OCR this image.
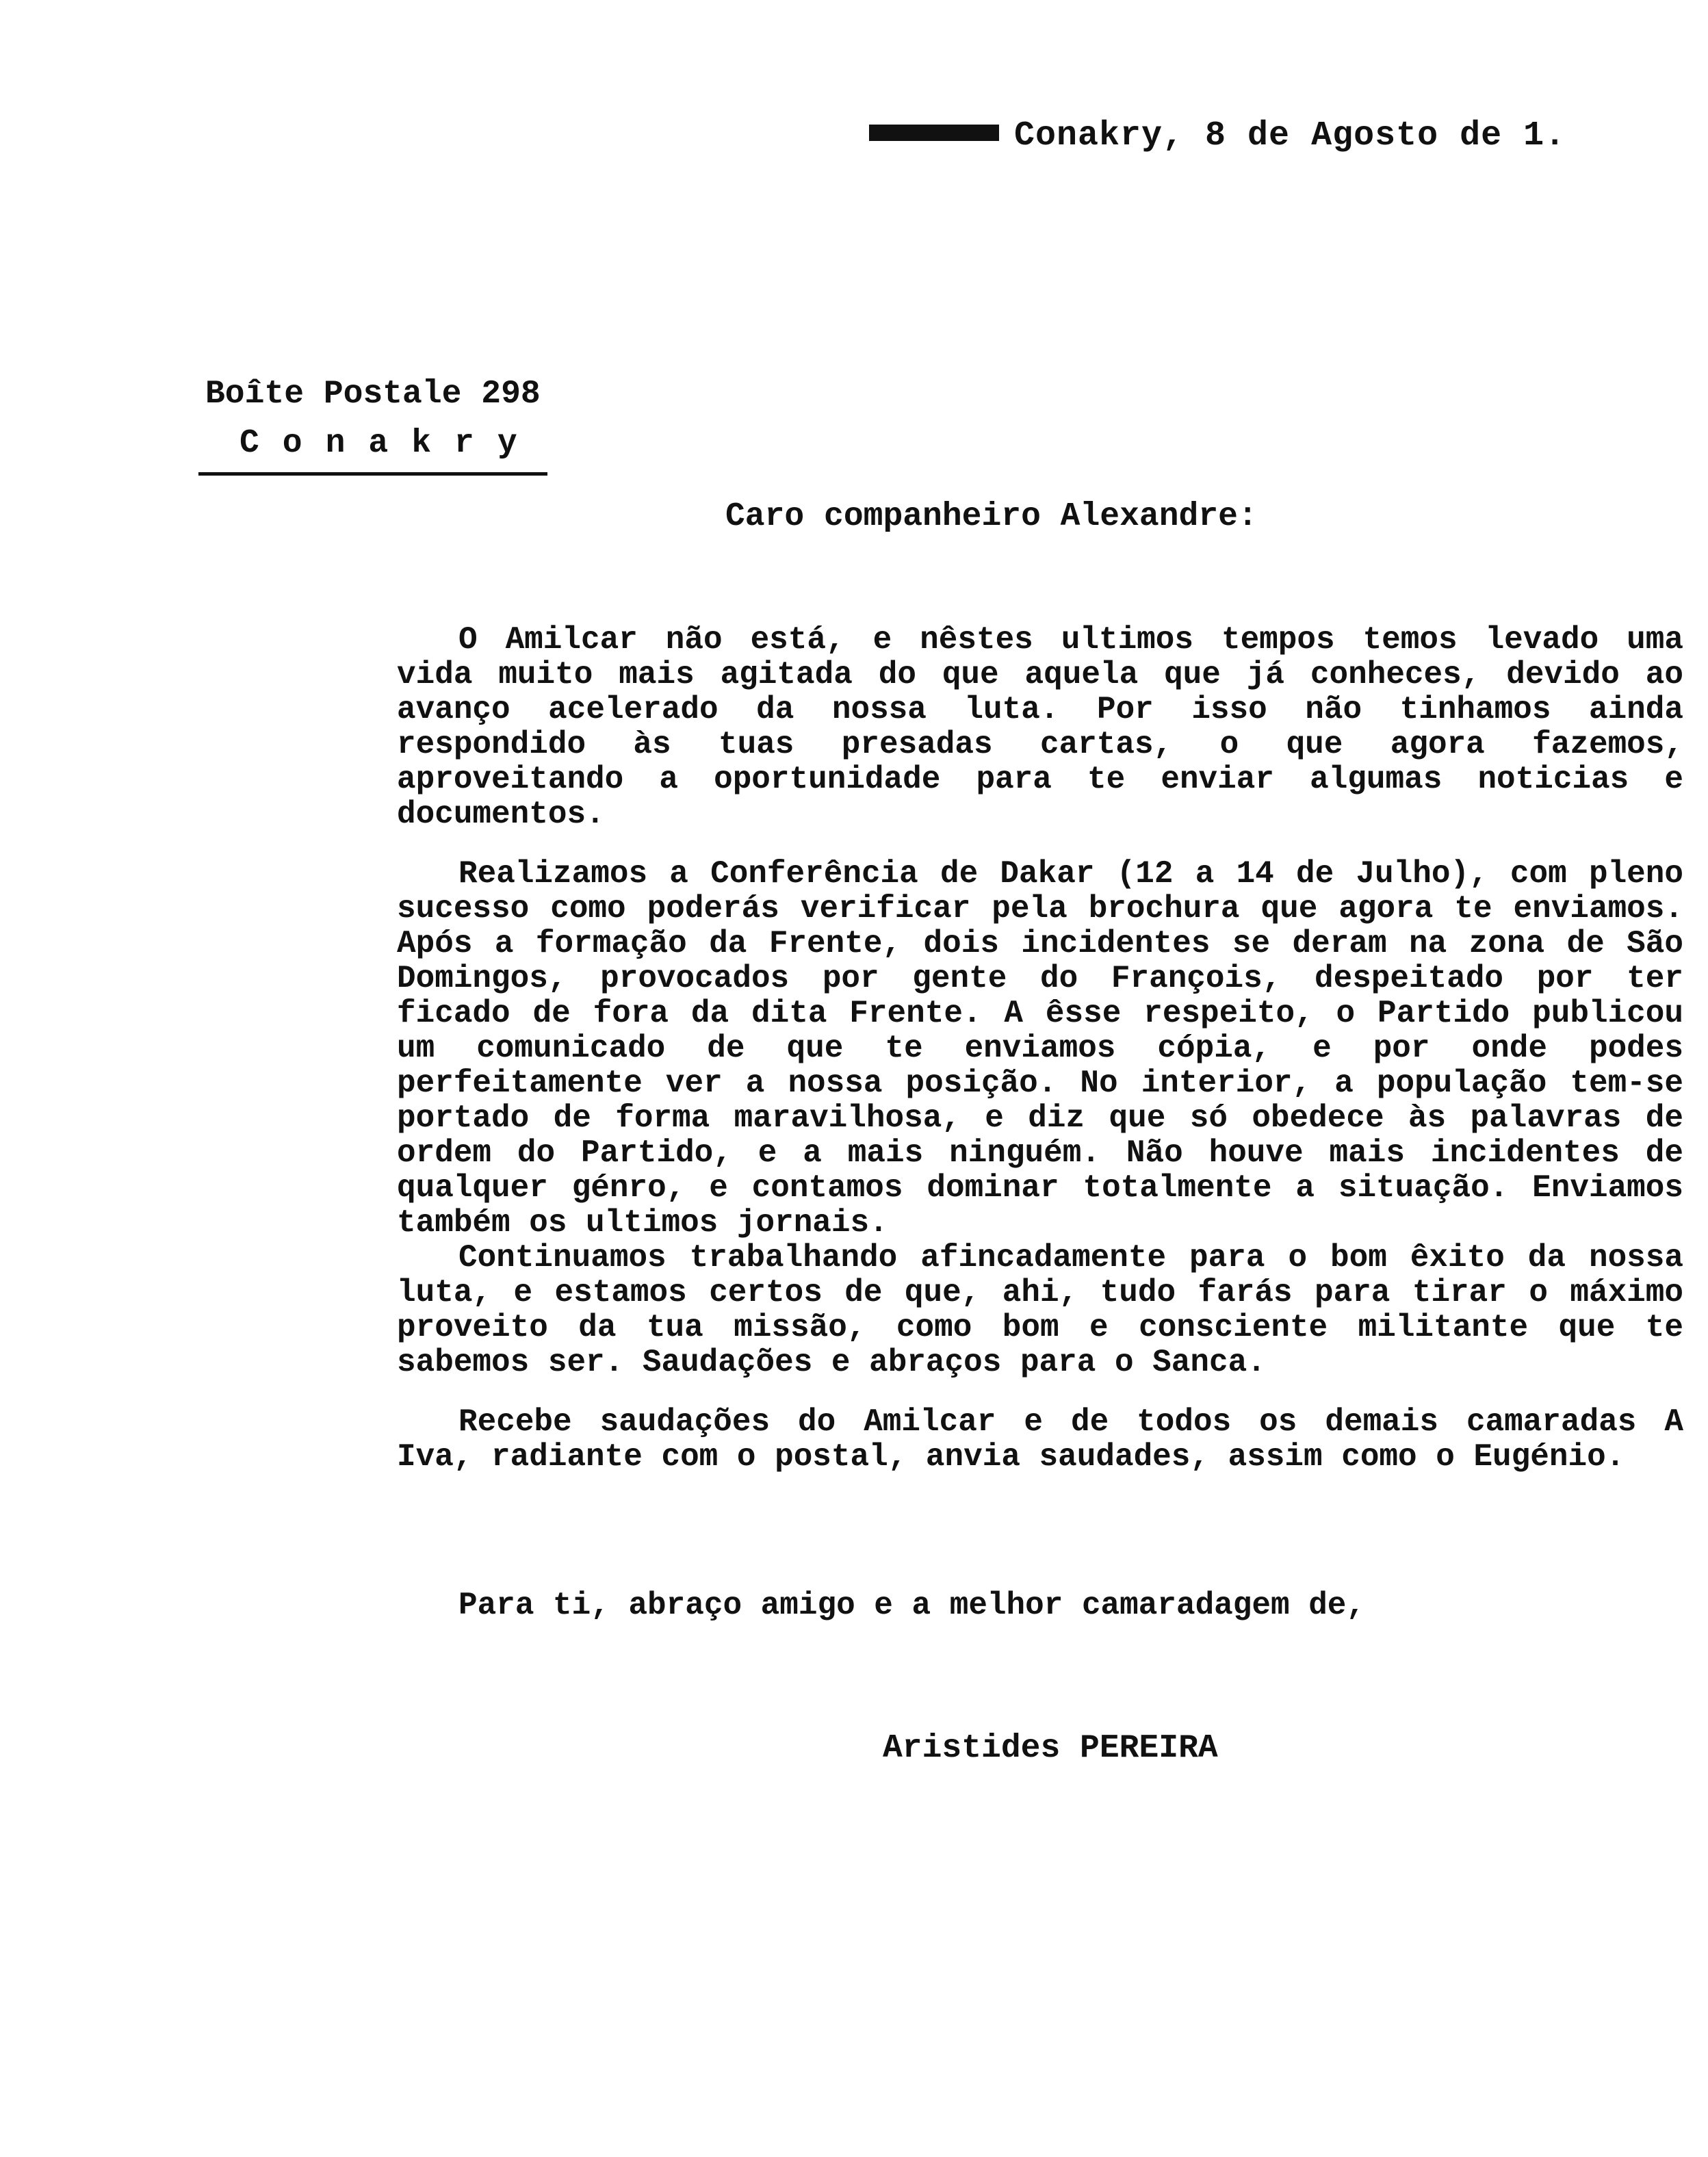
Conakry, 8 de Agosto de 1.
Boîte Postale 298
Conakry
Caro companheiro Alexandre:

O Amilcar não está, e nêstes ultimos tempos temos levado uma vida muito mais agitada do que aquela que já conheces, devido ao avanço acelerado da nossa luta. Por isso não tinhamos ainda respondido às tuas presadas cartas, o que agora fazemos, aproveitando a oportunidade para te enviar algumas noticias e documentos.

Realizamos a Conferência de Dakar (12 a 14 de Julho), com pleno sucesso como poderás verificar pela brochura que agora te enviamos. Após a formação da Frente, dois incidentes se deram na zona de São Domingos, provocados por gente do François, despeitado por ter ficado de fora da dita Frente. A êsse respeito, o Partido publicou um comunicado de que te enviamos cópia, e por onde podes perfeitamente ver a nossa posição. No interior, a população tem-se portado de forma maravilhosa, e diz que só obedece às palavras de ordem do Partido, e a mais ninguém. Não houve mais incidentes de qualquer génro, e contamos dominar totalmente a situação. Enviamos também os ultimos jornais.

Continuamos trabalhando afincadamente para o bom êxito da nossa luta, e estamos certos de que, ahi, tudo farás para tirar o máximo proveito da tua missão, como bom e consciente militante que te sabemos ser. Saudações e abraços para o Sanca.

Recebe saudações do Amilcar e de todos os demais camaradas A Iva, radiante com o postal, anvia saudades, assim como o Eugénio.

Para ti, abraço amigo e a melhor camaradagem de,
Aristides PEREIRA
